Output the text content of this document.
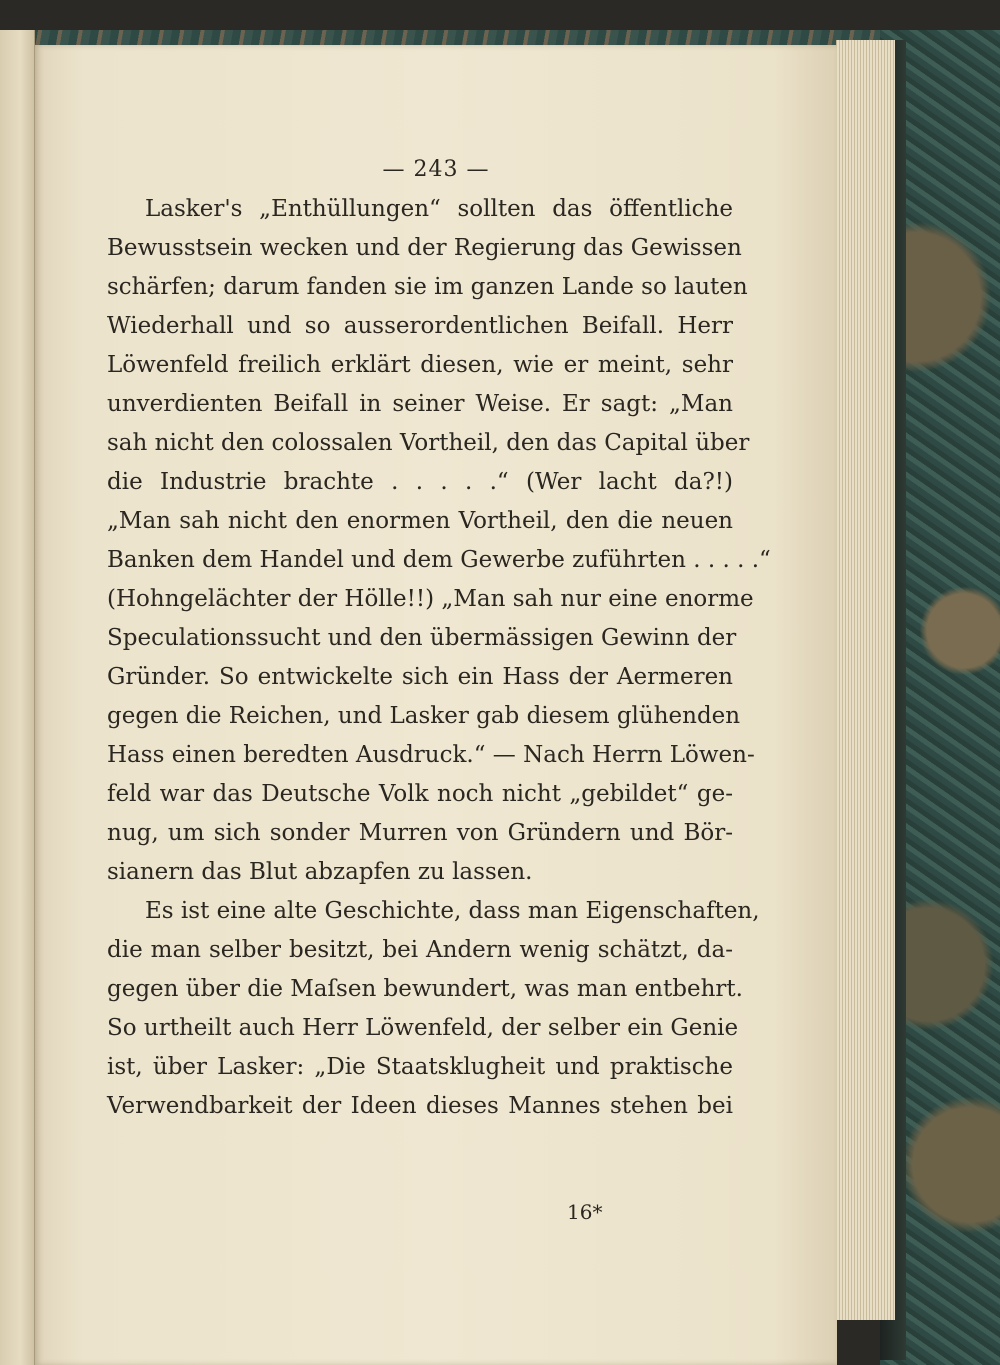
— 243 —
Lasker's „Enthüllungen“ sollten das öffentliche
Bewusstsein wecken und der Regierung das Gewissen
schärfen; darum fanden sie im ganzen Lande so lauten
Wiederhall und so ausserordentlichen Beifall. Herr
Löwenfeld freilich erklärt diesen, wie er meint, sehr
unverdienten Beifall in seiner Weise. Er sagt: „Man
sah nicht den colossalen Vortheil, den das Capital über
die Industrie brachte . . . . .“ (Wer lacht da?!)
„Man sah nicht den enormen Vortheil, den die neuen
Banken dem Handel und dem Gewerbe zuführten . . . . .“
(Hohngelächter der Hölle!!) „Man sah nur eine enorme
Speculationssucht und den übermässigen Gewinn der
Gründer. So entwickelte sich ein Hass der Aermeren
gegen die Reichen, und Lasker gab diesem glühenden
Hass einen beredten Ausdruck.“ — Nach Herrn Löwen-
feld war das Deutsche Volk noch nicht „gebildet“ ge-
nug, um sich sonder Murren von Gründern und Bör-
sianern das Blut abzapfen zu lassen.
Es ist eine alte Geschichte, dass man Eigenschaften,
die man selber besitzt, bei Andern wenig schätzt, da-
gegen über die Maſsen bewundert, was man entbehrt.
So urtheilt auch Herr Löwenfeld, der selber ein Genie
ist, über Lasker: „Die Staatsklugheit und praktische
Verwendbarkeit der Ideen dieses Mannes stehen bei
16*
